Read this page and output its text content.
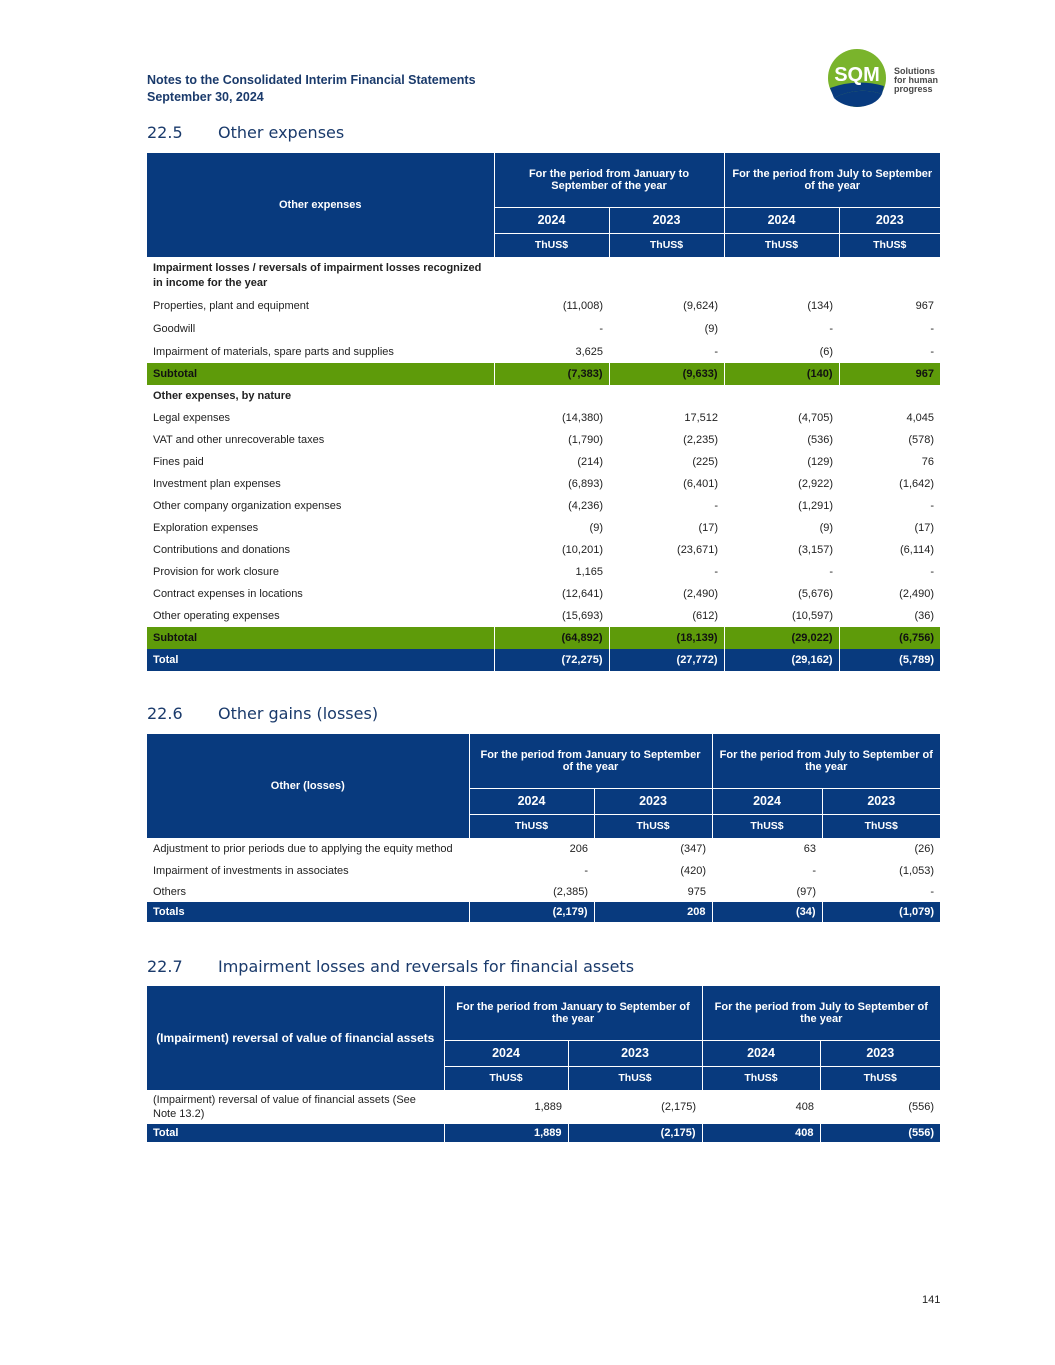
Notes to the Consolidated Interim Financial Statements
September 30, 2024
SQM Solutions
for human
progress
22.5 Other expenses
Other expenses	For the period from January to September of the year		For the period from July to September of the year	
	2024	2023	2024	2023
	ThUS$	ThUS$	ThUS$	ThUS$
Impairment losses / reversals of impairment losses recognized in income for the year				
Properties, plant and equipment	(11,008)	(9,624)	(134)	967
Goodwill	-	(9)	-	-
Impairment of materials, spare parts and supplies	3,625	-	(6)	-
Subtotal	(7,383)	(9,633)	(140)	967
Other expenses, by nature				
Legal expenses	(14,380)	17,512	(4,705)	4,045
VAT and other unrecoverable taxes	(1,790)	(2,235)	(536)	(578)
Fines paid	(214)	(225)	(129)	76
Investment plan expenses	(6,893)	(6,401)	(2,922)	(1,642)
Other company organization expenses	(4,236)	-	(1,291)	-
Exploration expenses	(9)	(17)	(9)	(17)
Contributions and donations	(10,201)	(23,671)	(3,157)	(6,114)
Provision for work closure	1,165	-	-	-
Contract expenses in locations	(12,641)	(2,490)	(5,676)	(2,490)
Other operating expenses	(15,693)	(612)	(10,597)	(36)
Subtotal	(64,892)	(18,139)	(29,022)	(6,756)
Total	(72,275)	(27,772)	(29,162)	(5,789)
22.6 Other gains (losses)
Other (losses)	For the period from January to September of the year		For the period from July to September of the year	
	2024	2023	2024	2023
	ThUS$	ThUS$	ThUS$	ThUS$
Adjustment to prior periods due to applying the equity method	206	(347)	63	(26)
Impairment of investments in associates	-	(420)	-	(1,053)
Others	(2,385)	975	(97)	-
Totals	(2,179)	208	(34)	(1,079)
22.7 Impairment losses and reversals for financial assets
(Impairment) reversal of value of financial assets	For the period from January to September of the year		For the period from July to September of the year	
	2024	2023	2024	2023
	ThUS$	ThUS$	ThUS$	ThUS$
(Impairment) reversal of value of financial assets (See Note 13.2)	1,889	(2,175)	408	(556)
Total	1,889	(2,175)	408	(556)
141
